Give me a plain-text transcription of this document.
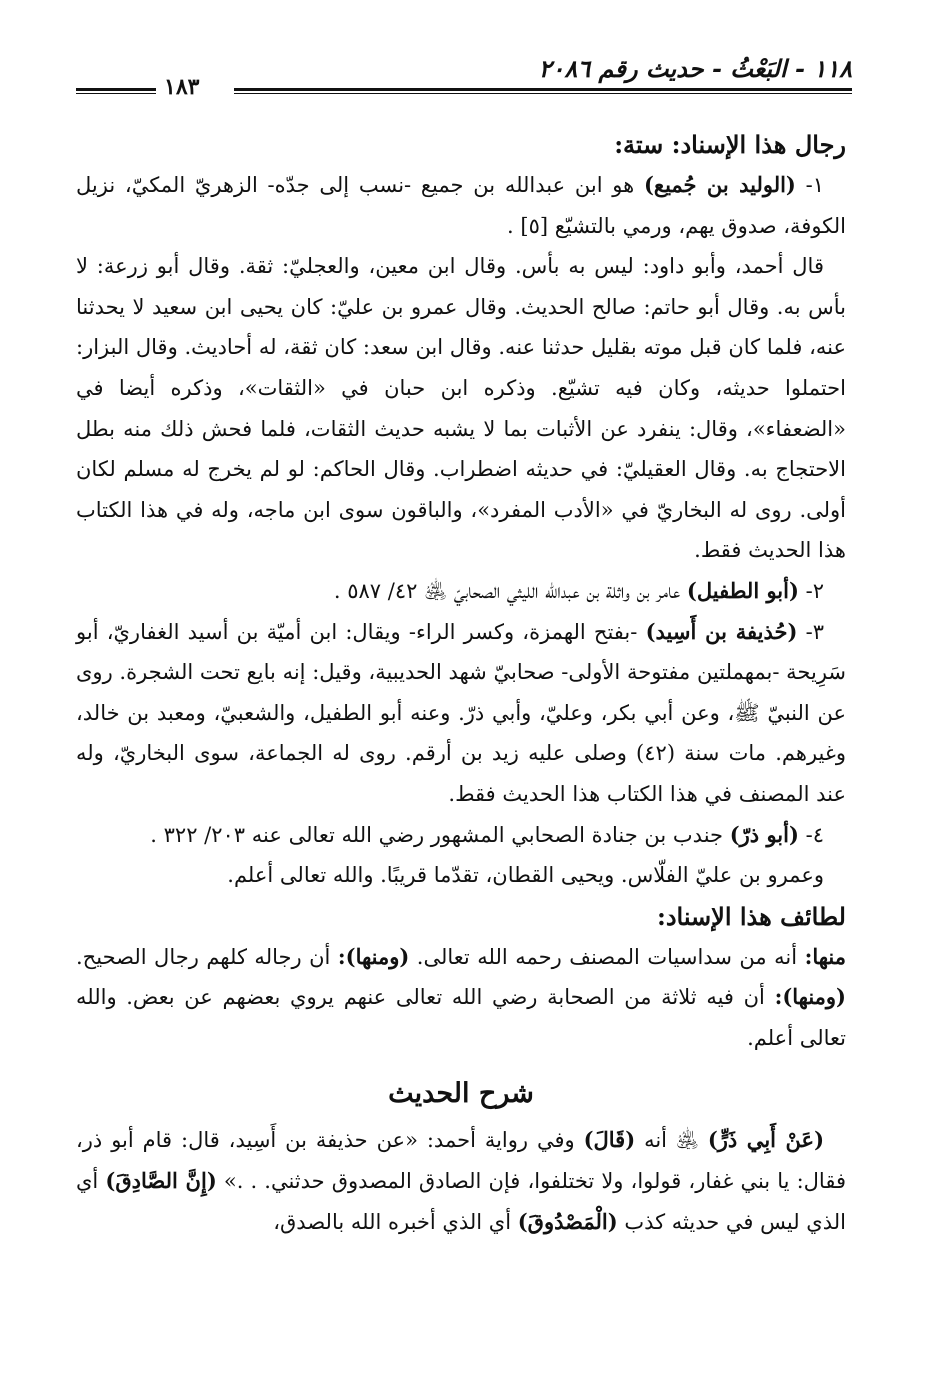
١١٨ - البَعْثُ - حديث رقم ٢٠٨٦
١٨٣
رجال هذا الإسناد: ستة:

١- (الوليد بن جُميع) هو ابن عبدالله بن جميع -نسب إلى جدّه- الزهريّ المكيّ، نزيل الكوفة، صدوق يهم، ورمي بالتشيّع [٥] .

قال أحمد، وأبو داود: ليس به بأس. وقال ابن معين، والعجليّ: ثقة. وقال أبو زرعة: لا بأس به. وقال أبو حاتم: صالح الحديث. وقال عمرو بن عليّ: كان يحيى ابن سعيد لا يحدثنا عنه، فلما كان قبل موته بقليل حدثنا عنه. وقال ابن سعد: كان ثقة، له أحاديث. وقال البزار: احتملوا حديثه، وكان فيه تشيّع. وذكره ابن حبان في «الثقات»، وذكره أيضا في «الضعفاء»، وقال: ينفرد عن الأثبات بما لا يشبه حديث الثقات، فلما فحش ذلك منه بطل الاحتجاج به. وقال العقيليّ: في حديثه اضطراب. وقال الحاكم: لو لم يخرج له مسلم لكان أولى. روى له البخاريّ في «الأدب المفرد»، والباقون سوى ابن ماجه، وله في هذا الكتاب هذا الحديث فقط.

٢- (أبو الطفيل) عامر بن واثلة بن عبدالله الليثي الصحابيّ ﵁ ٤٢/ ٥٨٧ .

٣- (حُذيفة بن أَسِيد) -بفتح الهمزة، وكسر الراء- ويقال: ابن أميّة بن أسيد الغفاريّ، أبو سَرِيحة -بمهملتين مفتوحة الأولى- صحابيّ شهد الحديبية، وقيل: إنه بايع تحت الشجرة. روى عن النبيّ ﷺ، وعن أبي بكر، وعليّ، وأبي ذرّ. وعنه أبو الطفيل، والشعبيّ، ومعبد بن خالد، وغيرهم. مات سنة (٤٢) وصلى عليه زيد بن أرقم. روى له الجماعة، سوى البخاريّ، وله عند المصنف في هذا الكتاب هذا الحديث فقط.

٤- (أبو ذرّ) جندب بن جنادة الصحابي المشهور رضي الله تعالى عنه ٢٠٣/ ٣٢٢ .

وعمرو بن عليّ الفلّاس. ويحيى القطان، تقدّما قريبًا. والله تعالى أعلم.

لطائف هذا الإسناد:

منها: أنه من سداسيات المصنف رحمه الله تعالى. (ومنها): أن رجاله كلهم رجال الصحيح. (ومنها): أن فيه ثلاثة من الصحابة رضي الله تعالى عنهم يروي بعضهم عن بعض. والله تعالى أعلم.

شرح الحديث

(عَنْ أَبِي ذَرٍّ) ﵁ أنه (قَالَ) وفي رواية أحمد: «عن حذيفة بن أَسِيد، قال: قام أبو ذر، فقال: يا بني غفار، قولوا، ولا تختلفوا، فإن الصادق المصدوق حدثني. . .» (إِنَّ الصَّادِقَ) أي الذي ليس في حديثه كذب (الْمَصْدُوقَ) أي الذي أخبره الله بالصدق،
